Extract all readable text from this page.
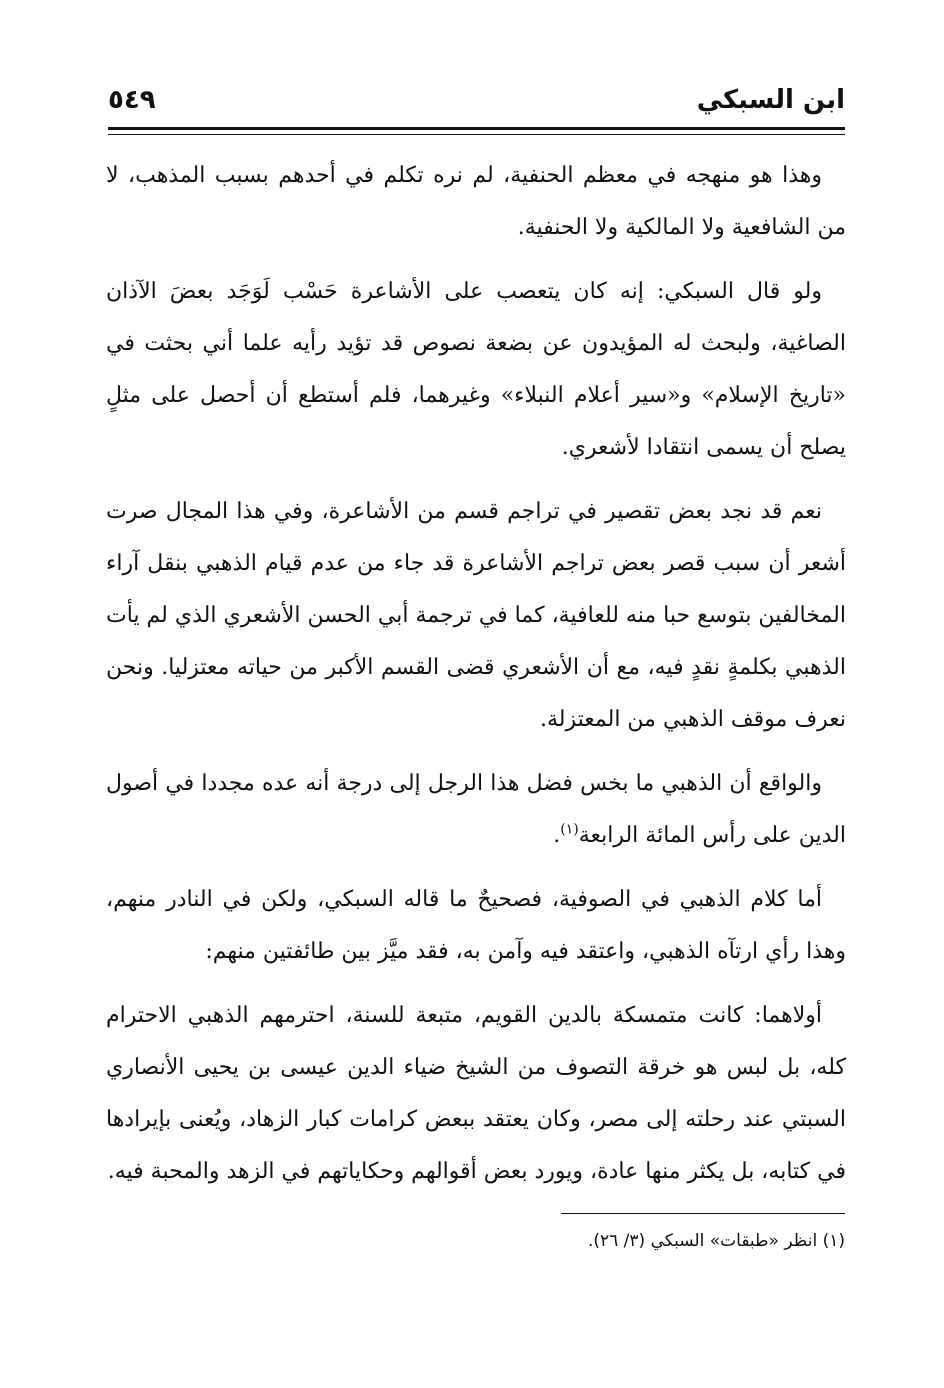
ابن السبكي
٥٤٩

وهذا هو منهجه في معظم الحنفية، لم نره تكلم في أحدهم بسبب المذهب، لا من الشافعية ولا المالكية ولا الحنفية.

ولو قال السبكي: إنه كان يتعصب على الأشاعرة حَسْب لَوَجَد بعضَ الآذان الصاغية، ولبحث له المؤيدون عن بضعة نصوص قد تؤيد رأيه علما أني بحثت في «تاريخ الإسلام» و«سير أعلام النبلاء» وغيرهما، فلم أستطع أن أحصل على مثلٍ يصلح أن يسمى انتقادا لأشعري.

نعم قد نجد بعض تقصير في تراجم قسم من الأشاعرة، وفي هذا المجال صرت أشعر أن سبب قصر بعض تراجم الأشاعرة قد جاء من عدم قيام الذهبي بنقل آراء المخالفين بتوسع حبا منه للعافية، كما في ترجمة أبي الحسن الأشعري الذي لم يأت الذهبي بكلمةٍ نقدٍ فيه، مع أن الأشعري قضى القسم الأكبر من حياته معتزليا. ونحن نعرف موقف الذهبي من المعتزلة.

والواقع أن الذهبي ما بخس فضل هذا الرجل إلى درجة أنه عده مجددا في أصول الدين على رأس المائة الرابعة$^{(١)}$.

أما كلام الذهبي في الصوفية، فصحيحٌ ما قاله السبكي، ولكن في النادر منهم، وهذا رأي ارتآه الذهبي، واعتقد فيه وآمن به، فقد ميَّز بين طائفتين منهم:

أولاهما: كانت متمسكة بالدين القويم، متبعة للسنة، احترمهم الذهبي الاحترام كله، بل لبس هو خرقة التصوف من الشيخ ضياء الدين عيسى بن يحيى الأنصاري السبتي عند رحلته إلى مصر، وكان يعتقد ببعض كرامات كبار الزهاد، ويُعنى بإيرادها في كتابه، بل يكثر منها عادة، ويورد بعض أقوالهم وحكاياتهم في الزهد والمحبة فيه.

(١) انظر «طبقات» السبكي (٣/ ٢٦).
